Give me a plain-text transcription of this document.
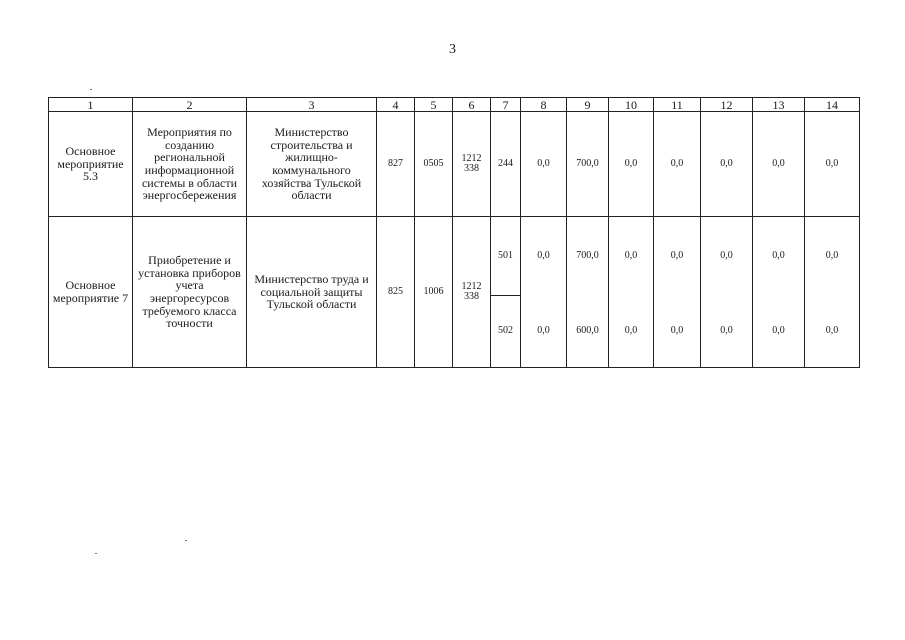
3
1	2	3	4	5	6	7	8	9	10	11	12	13	14
Основное мероприятие 5.3	Мероприятия по созданию региональной информационной системы в области энергосбережения	Министерство строительства и жилищно-коммунального хозяйства Тульской области	827	0505	1212 338	244	0,0	700,0	0,0	0,0	0,0	0,0	0,0
Основное мероприятие 7	Приобретение и установка приборов учета энергоресурсов требуемого класса точности	Министерство труда и социальной защиты Тульской области	825	1006	1212 338	501	0,0	700,0	0,0	0,0	0,0	0,0	0,0
						502	0,0	600,0	0,0	0,0	0,0	0,0	0,0
